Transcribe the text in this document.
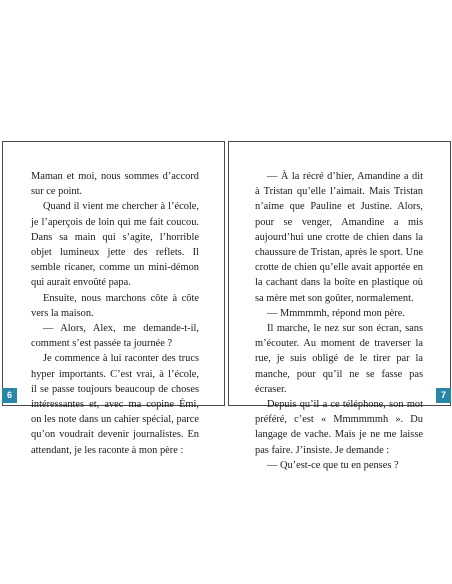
Maman et moi, nous sommes d’accord sur ce point.

Quand il vient me chercher à l’école, je l’aperçois de loin qui me fait coucou. Dans sa main qui s’agite, l’horrible objet lumineux jette des reflets. Il semble ricaner, comme un mini-démon qui aurait envoûté papa.

Ensuite, nous marchons côte à côte vers la maison.

— Alors, Alex, me demande-t-il, comment s’est passée ta journée ?

Je commence à lui raconter des trucs hyper importants. C’est vrai, à l’école, il se passe toujours beaucoup de choses intéressantes et, avec ma copine Émi, on les note dans un cahier spécial, parce qu’on voudrait devenir journalistes. En attendant, je les raconte à mon père :

6

— À la récré d’hier, Amandine a dit à Tristan qu’elle l’aimait. Mais Tristan n’aime que Pauline et Justine. Alors, pour se venger, Amandine a mis aujourd’hui une crotte de chien dans la chaussure de Tristan, après le sport. Une crotte de chien qu’elle avait apportée en la cachant dans la boîte en plastique où sa mère met son goûter, normalement.

— Mmmmmh, répond mon père.

Il marche, le nez sur son écran, sans m’écouter. Au moment de traverser la rue, je suis obligé de le tirer par la manche, pour qu’il ne se fasse pas écraser.

Depuis qu’il a ce téléphone, son mot préféré, c’est « Mmmmmmh ». Du langage de vache. Mais je ne me laisse pas faire. J’insiste. Je demande :

— Qu’est-ce que tu en penses ?

7
